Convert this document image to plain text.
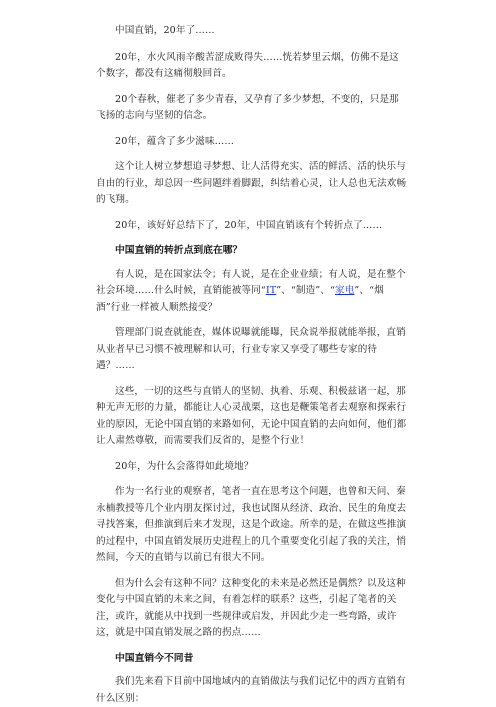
中国直销，20年了……

20年，水火风雨辛酸苦涩成败得失……恍若梦里云烟，仿佛不是这个数字，都没有这痛彻般回首。

20个春秋，催老了多少青春，又孕育了多少梦想，不变的，只是那飞扬的志向与坚韧的信念。

20年，蕴含了多少滋味……

这个让人树立梦想追寻梦想、让人活得充实、活的鲜活、活的快乐与自由的行业，却总因一些问题绊着脚跟，纠结着心灵，让人总也无法欢畅的飞翔。

20年，该好好总结下了，20年，中国直销该有个转折点了……

中国直销的转折点到底在哪？

有人说，是在国家法令；有人说，是在企业业绩；有人说，是在整个社会环境……什么时候，直销能被等同“IT”、“制造”、“家电”、“烟酒”行业一样被人顺然接受？

管理部门说查就能查，媒体说曝就能曝，民众说举报就能举报，直销从业者早已习惯不被理解和认可，行业专家又享受了哪些专家的待遇？……

这些，一切的这些与直销人的坚韧、执着、乐观、积极兹诸一起，那种无声无形的力量，都能让人心灵战栗，这也是鞭策笔者去观察和探索行业的原因，无论中国直销的来路如何，无论中国直销的去向如何，他们都让人肃然尊敬，而需要我们反省的，是整个行业！

20年，为什么会落得如此境地？

作为一名行业的观察者，笔者一直在思考这个问题，也曾和天问、秦永楠教授等几个业内朋友探讨过，我也试图从经济、政治、民生的角度去寻找答案，但推演到后来才发现，这是个政途。所幸的是，在做这些推演的过程中，中国直销发展历史进程上的几个重要变化引起了我的关注，悄然间，今天的直销与以前已有很大不同。

但为什么会有这种不同？这种变化的未来是必然还是偶然？以及这种变化与中国直销的未来之间，有着怎样的联系？这些，引起了笔者的关注，或许，就能从中找到一些规律或启发，并因此少走一些弯路，或许这，就是中国直销发展之路的拐点……

中国直销今不同昔

我们先来看下目前中国地域内的直销做法与我们记忆中的西方直销有什么区别：
